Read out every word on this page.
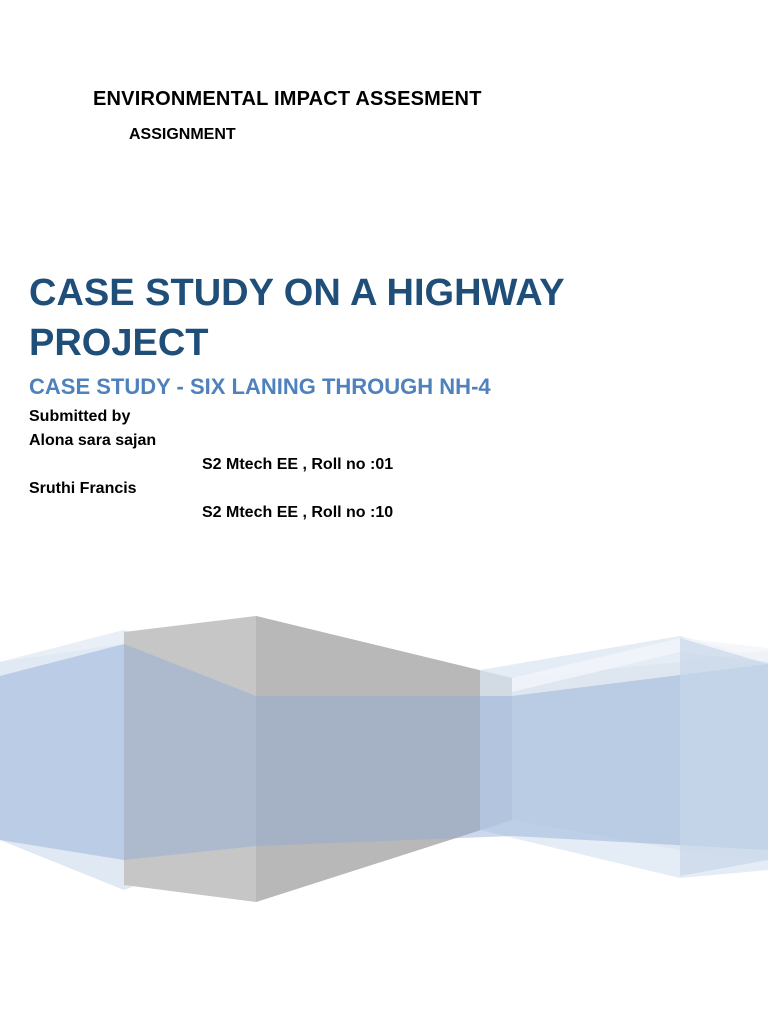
ENVIRONMENTAL IMPACT ASSESMENT
ASSIGNMENT
CASE STUDY ON A HIGHWAY
PROJECT
CASE STUDY - SIX LANING THROUGH NH-4
Submitted by
Alona sara sajan
S2 Mtech EE , Roll no :01
Sruthi Francis
S2 Mtech EE , Roll no :10
